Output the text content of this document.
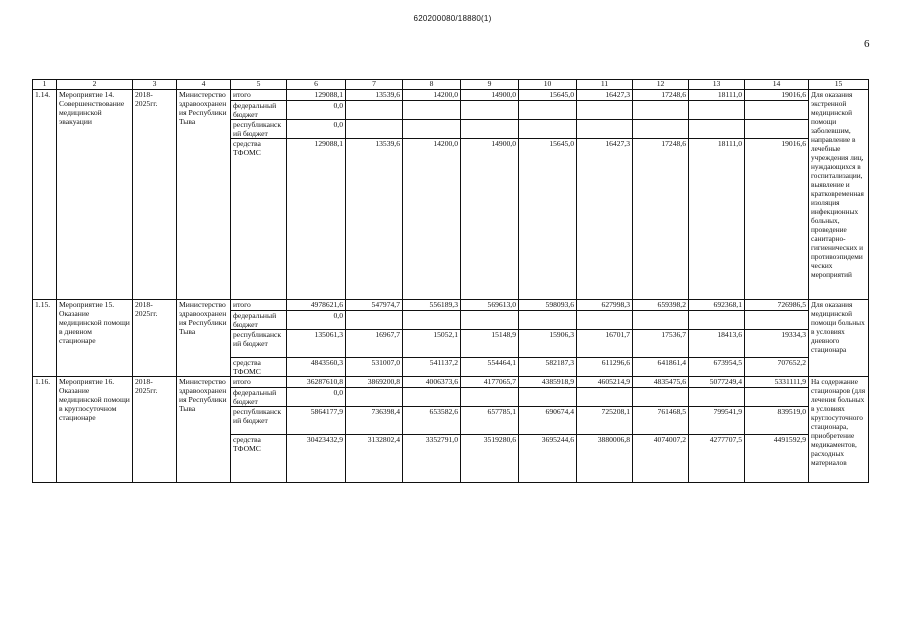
620200080/18880(1)
6
1	2	3	4	5	6	7	8	9	10	11	12	13	14	15
1.14.	Мероприятие 14. Совершенствование медицинской эвакуации	2018-2025гг.	Министерство здравоохранения Республики Тыва	итого	129088,1	13539,6	14200,0	14900,0	15645,0	16427,3	17248,6	18111,0	19016,6	Для оказания экстренной медицинской помощи заболевшим, направление в лечебные учреждения лиц, нуждающихся в госпитализации, выявление и кратковременная изоляция инфекционных больных, проведение санитарно-гигиенических и противоэпидемических мероприятий
				федеральный бюджет	0,0									
				республиканский бюджет	0,0									
				средства ТФОМС	129088,1	13539,6	14200,0	14900,0	15645,0	16427,3	17248,6	18111,0	19016,6	
1.15.	Мероприятие 15. Оказание медицинской помощи в дневном стационаре	2018-2025гг.	Министерство здравоохранения Республики Тыва	итого	4978621,6	547974,7	556189,3	569613,0	598093,6	627998,3	659398,2	692368,1	726986,5	Для оказания медицинской помощи больных в условиях дневного стационара
				федеральный бюджет	0,0									
				республиканский бюджет	135061,3	16967,7	15052,1	15148,9	15906,3	16701,7	17536,7	18413,6	19334,3	
				средства ТФОМС	4843560,3	531007,0	541137,2	554464,1	582187,3	611296,6	641861,4	673954,5	707652,2	
1.16.	Мероприятие 16. Оказание медицинской помощи в круглосуточном стационаре	2018-2025гг.	Министерство здравоохранения Республики Тыва	итого	36287610,8	3869200,8	4006373,6	4177065,7	4385918,9	4605214,9	4835475,6	5077249,4	5331111,9	На содержание стационаров (для лечения больных в условиях круглосуточного стационара, приобретение медикаментов, расходных материалов
				федеральный бюджет	0,0									
				республиканский бюджет	5864177,9	736398,4	653582,6	657785,1	690674,4	725208,1	761468,5	799541,9	839519,0	
				средства ТФОМС	30423432,9	3132802,4	3352791,0	3519280,6	3695244,6	3880006,8	4074007,2	4277707,5	4491592,9	
